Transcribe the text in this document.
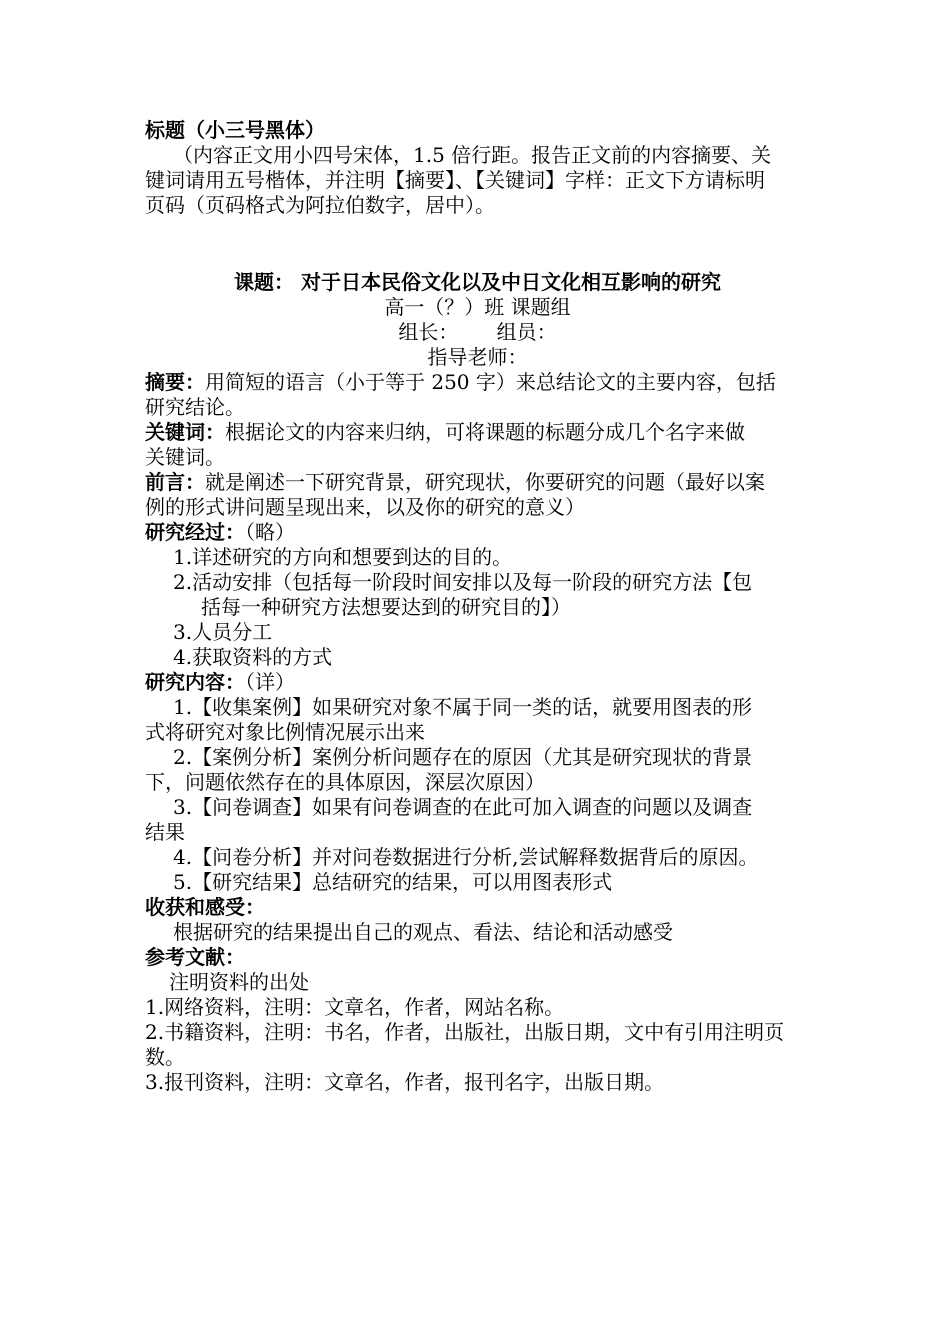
标题（小三号黑体）
（内容正文用小四号宋体，1.5 倍行距。报告正文前的内容摘要、关
键词请用五号楷体，并注明【摘要】、【关键词】字样：正文下方请标明
页码（页码格式为阿拉伯数字，居中）。
课题： 对于日本民俗文化以及中日文化相互影响的研究
高一（？）班 课题组
组长：      组员：
指导老师：
摘要：用简短的语言（小于等于 250 字）来总结论文的主要内容，包括
研究结论。
关键词：根据论文的内容来归纳，可将课题的标题分成几个名字来做
关键词。
前言：就是阐述一下研究背景，研究现状，你要研究的问题（最好以案
例的形式讲问题呈现出来，以及你的研究的意义）
研究经过：（略）
1.详述研究的方向和想要到达的目的。
2.活动安排（包括每一阶段时间安排以及每一阶段的研究方法【包
括每一种研究方法想要达到的研究目的】）
3.人员分工
4.获取资料的方式
研究内容：（详）
1.【收集案例】如果研究对象不属于同一类的话，就要用图表的形
式将研究对象比例情况展示出来
2.【案例分析】案例分析问题存在的原因（尤其是研究现状的背景
下，问题依然存在的具体原因，深层次原因）
3.【问卷调查】如果有问卷调查的在此可加入调查的问题以及调查
结果
4.【问卷分析】并对问卷数据进行分析,尝试解释数据背后的原因。
5.【研究结果】总结研究的结果，可以用图表形式
收获和感受：
根据研究的结果提出自己的观点、看法、结论和活动感受
参考文献：
注明资料的出处
1.网络资料，注明：文章名，作者，网站名称。
2.书籍资料，注明：书名，作者，出版社，出版日期，文中有引用注明页
数。
3.报刊资料，注明：文章名，作者，报刊名字，出版日期。
